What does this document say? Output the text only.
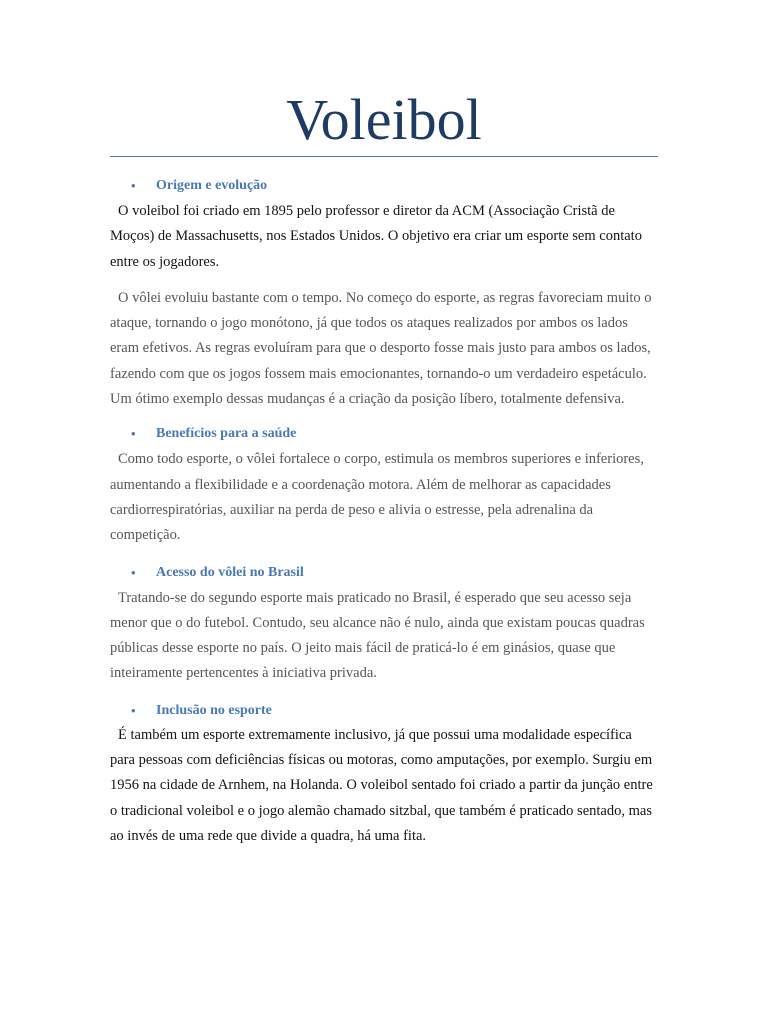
Voleibol
• Origem e evolução

O voleibol foi criado em 1895 pelo professor e diretor da ACM (Associação Cristã de Moços) de Massachusetts, nos Estados Unidos. O objetivo era criar um esporte sem contato entre os jogadores.

O vôlei evoluiu bastante com o tempo. No começo do esporte, as regras favoreciam muito o ataque, tornando o jogo monótono, já que todos os ataques realizados por ambos os lados eram efetivos. As regras evoluíram para que o desporto fosse mais justo para ambos os lados, fazendo com que os jogos fossem mais emocionantes, tornando-o um verdadeiro espetáculo. Um ótimo exemplo dessas mudanças é a criação da posição líbero, totalmente defensiva.

• Benefícios para a saúde

Como todo esporte, o vôlei fortalece o corpo, estimula os membros superiores e inferiores, aumentando a flexibilidade e a coordenação motora. Além de melhorar as capacidades cardiorrespiratórias, auxiliar na perda de peso e alivia o estresse, pela adrenalina da competição.

• Acesso do vôlei no Brasil

Tratando-se do segundo esporte mais praticado no Brasil, é esperado que seu acesso seja menor que o do futebol. Contudo, seu alcance não é nulo, ainda que existam poucas quadras públicas desse esporte no país. O jeito mais fácil de praticá-lo é em ginásios, quase que inteiramente pertencentes à iniciativa privada.

• Inclusão no esporte

É também um esporte extremamente inclusivo, já que possui uma modalidade específica para pessoas com deficiências físicas ou motoras, como amputações, por exemplo. Surgiu em 1956 na cidade de Arnhem, na Holanda. O voleibol sentado foi criado a partir da junção entre o tradicional voleibol e o jogo alemão chamado sitzbal, que também é praticado sentado, mas ao invés de uma rede que divide a quadra, há uma fita.
